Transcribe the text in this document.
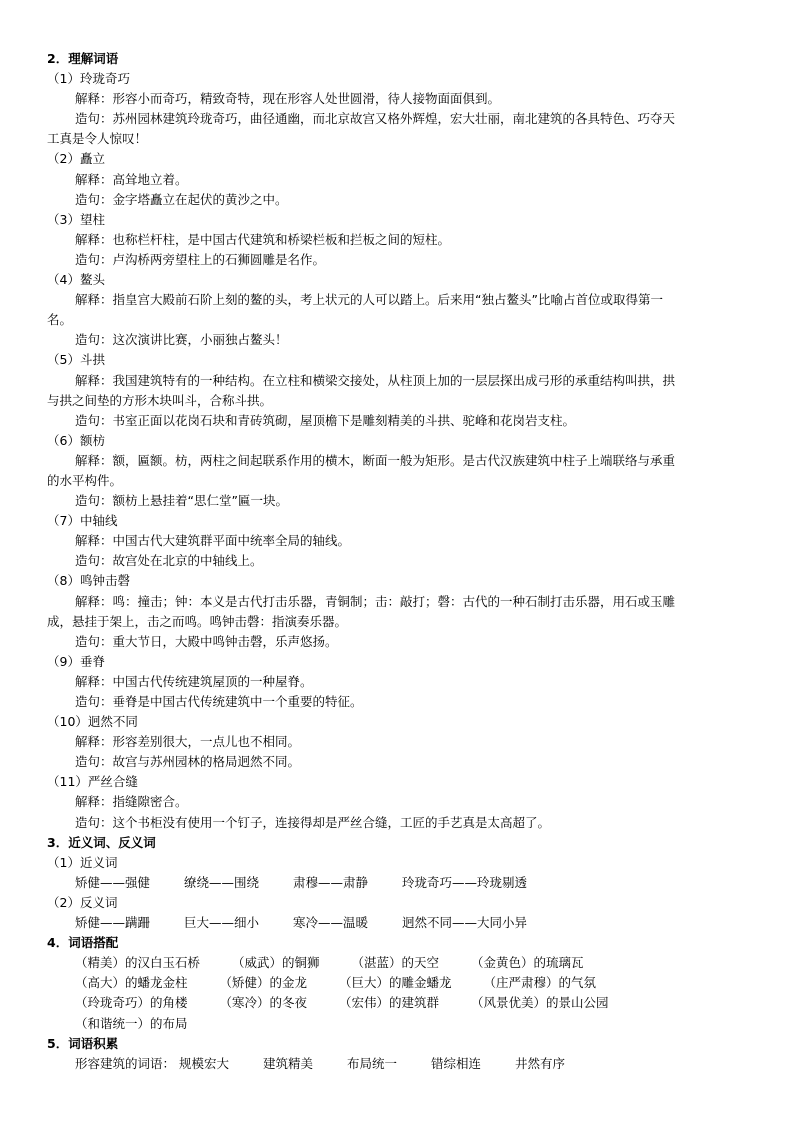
2．理解词语
（1）玲珑奇巧
解释：形容小而奇巧，精致奇特，现在形容人处世圆滑，待人接物面面俱到。
造句：苏州园林建筑玲珑奇巧，曲径通幽，而北京故宫又格外辉煌，宏大壮丽，南北建筑的各具特色、巧夺天
工真是令人惊叹！
（2）矗立
解释：高耸地立着。
造句：金字塔矗立在起伏的黄沙之中。
（3）望柱
解释：也称栏杆柱，是中国古代建筑和桥梁栏板和拦板之间的短柱。
造句：卢沟桥两旁望柱上的石狮圆雕是名作。
（4）鳌头
解释：指皇宫大殿前石阶上刻的鳌的头，考上状元的人可以踏上。后来用“独占鳌头”比喻占首位或取得第一
名。
造句：这次演讲比赛，小丽独占鳌头！
（5）斗拱
解释：我国建筑特有的一种结构。在立柱和横梁交接处，从柱顶上加的一层层探出成弓形的承重结构叫拱，拱
与拱之间垫的方形木块叫斗，合称斗拱。
造句：书室正面以花岗石块和青砖筑砌，屋顶檐下是雕刻精美的斗拱、驼峰和花岗岩支柱。
（6）额枋
解释：额，匾额。枋，两柱之间起联系作用的横木，断面一般为矩形。是古代汉族建筑中柱子上端联络与承重
的水平构件。
造句：额枋上悬挂着“思仁堂”匾一块。
（7）中轴线
解释：中国古代大建筑群平面中统率全局的轴线。
造句：故宫处在北京的中轴线上。
（8）鸣钟击磬
解释：鸣：撞击；钟：本义是古代打击乐器，青铜制；击：敲打；磬：古代的一种石制打击乐器，用石或玉雕
成，悬挂于架上，击之而鸣。鸣钟击磬：指演奏乐器。
造句：重大节日，大殿中鸣钟击磬，乐声悠扬。
（9）垂脊
解释：中国古代传统建筑屋顶的一种屋脊。
造句：垂脊是中国古代传统建筑中一个重要的特征。
（10）迥然不同
解释：形容差别很大，一点儿也不相同。
造句：故宫与苏州园林的格局迥然不同。
（11）严丝合缝
解释：指缝隙密合。
造句：这个书柜没有使用一个钉子，连接得却是严丝合缝，工匠的手艺真是太高超了。
3．近义词、反义词
（1）近义词
矫健——强健	缭绕——围绕	肃穆——肃静	玲珑奇巧——玲珑剔透
（2）反义词
矫健——蹒跚	巨大——细小	寒冷——温暖	迥然不同——大同小异
4．词语搭配
（精美）的汉白玉石桥	（威武）的铜狮	（湛蓝）的天空	（金黄色）的琉璃瓦
（高大）的蟠龙金柱	（矫健）的金龙	（巨大）的雕金蟠龙	（庄严肃穆）的气氛
（玲珑奇巧）的角楼	（寒冷）的冬夜	（宏伟）的建筑群	（风景优美）的景山公园
（和谐统一）的布局
5．词语积累
形容建筑的词语： 规模宏大	建筑精美	布局统一	错综相连	井然有序
